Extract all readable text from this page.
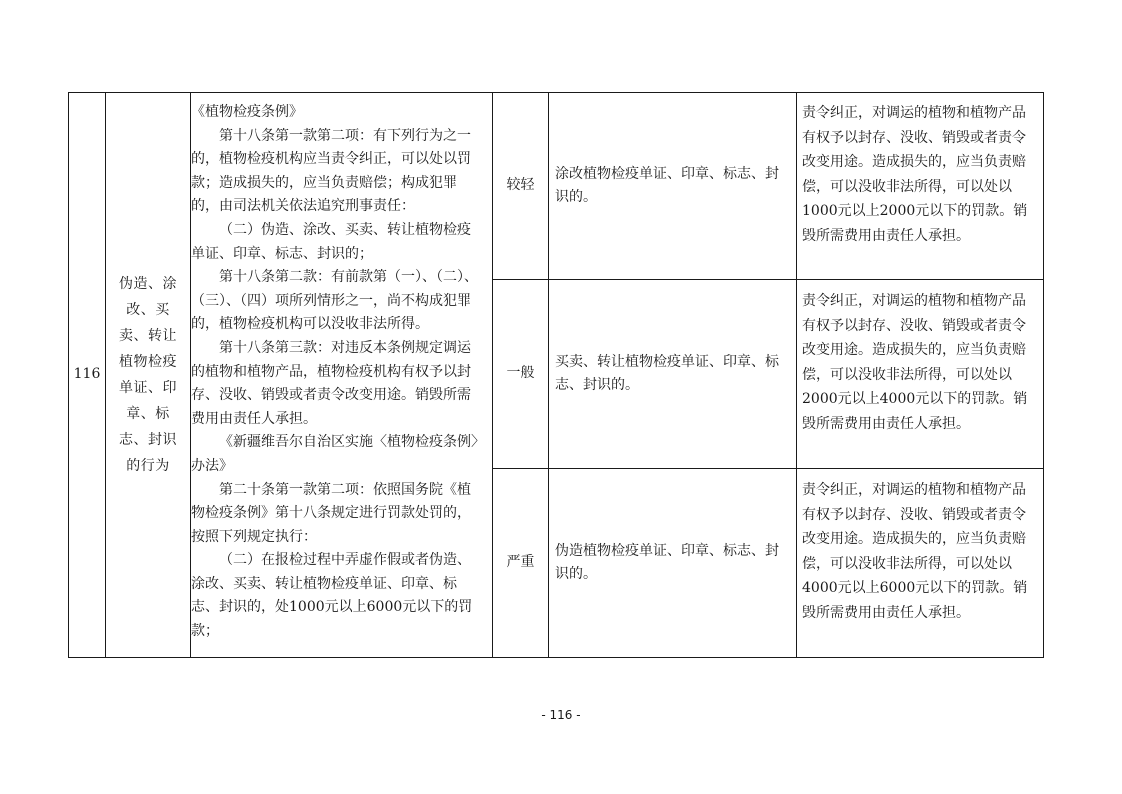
116
伪造、涂改、买卖、转让植物检疫单证、印章、标志、封识的行为

《植物检疫条例》

第十八条第一款第二项：有下列行为之一的，植物检疫机构应当责令纠正，可以处以罚款；造成损失的，应当负责赔偿；构成犯罪的，由司法机关依法追究刑事责任：

（二）伪造、涂改、买卖、转让植物检疫单证、印章、标志、封识的；

第十八条第二款：有前款第（一）、（二）、（三）、（四）项所列情形之一，尚不构成犯罪的，植物检疫机构可以没收非法所得。

第十八条第三款：对违反本条例规定调运的植物和植物产品，植物检疫机构有权予以封存、没收、销毁或者责令改变用途。销毁所需费用由责任人承担。

《新疆维吾尔自治区实施〈植物检疫条例〉办法》

第二十条第一款第二项：依照国务院《植物检疫条例》第十八条规定进行罚款处罚的，按照下列规定执行：

（二）在报检过程中弄虚作假或者伪造、涂改、买卖、转让植物检疫单证、印章、标志、封识的，处1000元以上6000元以下的罚款；

较轻
涂改植物检疫单证、印章、标志、封识的。
责令纠正，对调运的植物和植物产品有权予以封存、没收、销毁或者责令改变用途。造成损失的，应当负责赔偿，可以没收非法所得，可以处以1000元以上2000元以下的罚款。销毁所需费用由责任人承担。
一般
买卖、转让植物检疫单证、印章、标志、封识的。
责令纠正，对调运的植物和植物产品有权予以封存、没收、销毁或者责令改变用途。造成损失的，应当负责赔偿，可以没收非法所得，可以处以2000元以上4000元以下的罚款。销毁所需费用由责任人承担。
严重
伪造植物检疫单证、印章、标志、封识的。
责令纠正，对调运的植物和植物产品有权予以封存、没收、销毁或者责令改变用途。造成损失的，应当负责赔偿，可以没收非法所得，可以处以4000元以上6000元以下的罚款。销毁所需费用由责任人承担。
- 116 -
